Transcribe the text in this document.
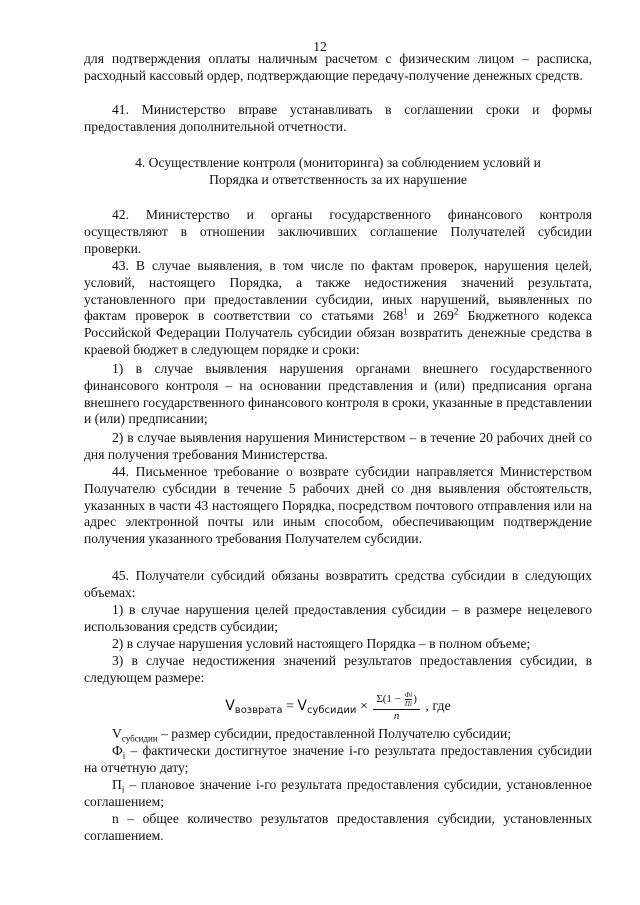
12

для подтверждения оплаты наличным расчетом с физическим лицом – расписка, расходный кассовый ордер, подтверждающие передачу-получение денежных средств.

41. Министерство вправе устанавливать в соглашении сроки и формы предоставления дополнительной отчетности.

4. Осуществление контроля (мониторинга) за соблюдением условий и

Порядка и ответственность за их нарушение

42. Министерство и органы государственного финансового контроля осуществляют в отношении заключивших соглашение Получателей субсидии проверки.

43. В случае выявления, в том числе по фактам проверок, нарушения целей, условий, настоящего Порядка, а также недостижения значений результата, установленного при предоставлении субсидии, иных нарушений, выявленных по фактам проверок в соответствии со статьями $268^1$ и $269^2$ Бюджетного кодекса Российской Федерации Получатель субсидии обязан возвратить денежные средства в краевой бюджет в следующем порядке и сроки:

1) в случае выявления нарушения органами внешнего государственного финансового контроля – на основании представления и (или) предписания органа внешнего государственного финансового контроля в сроки, указанные в представлении и (или) предписании;

2) в случае выявления нарушения Министерством – в течение 20 рабочих дней со дня получения требования Министерства.

44. Письменное требование о возврате субсидии направляется Министерством Получателю субсидии в течение 5 рабочих дней со дня выявления обстоятельств, указанных в части 43 настоящего Порядка, посредством почтового отправления или на адрес электронной почты или иным способом, обеспечивающим подтверждение получения указанного требования Получателем субсидии.

45. Получатели субсидий обязаны возвратить средства субсидии в следующих объемах:

1) в случае нарушения целей предоставления субсидии – в размере нецелевого использования средств субсидии;

2) в случае нарушения условий настоящего Порядка – в полном объеме;

3) в случае недостижения значений результатов предоставления субсидии, в следующем размере:

$V_{возврата} = V_{субсидии} \times \frac{\Sigma(1 - \frac{Фi}{Пi} )}{n}$ , где

$V_{субсидии}$ – размер субсидии, предоставленной Получателю субсидии;

$Ф_i$ – фактически достигнутое значение i-го результата предоставления субсидии на отчетную дату;

$П_i$ – плановое значение i-го результата предоставления субсидии, установленное соглашением;

n – общее количество результатов предоставления субсидии, установленных соглашением.
